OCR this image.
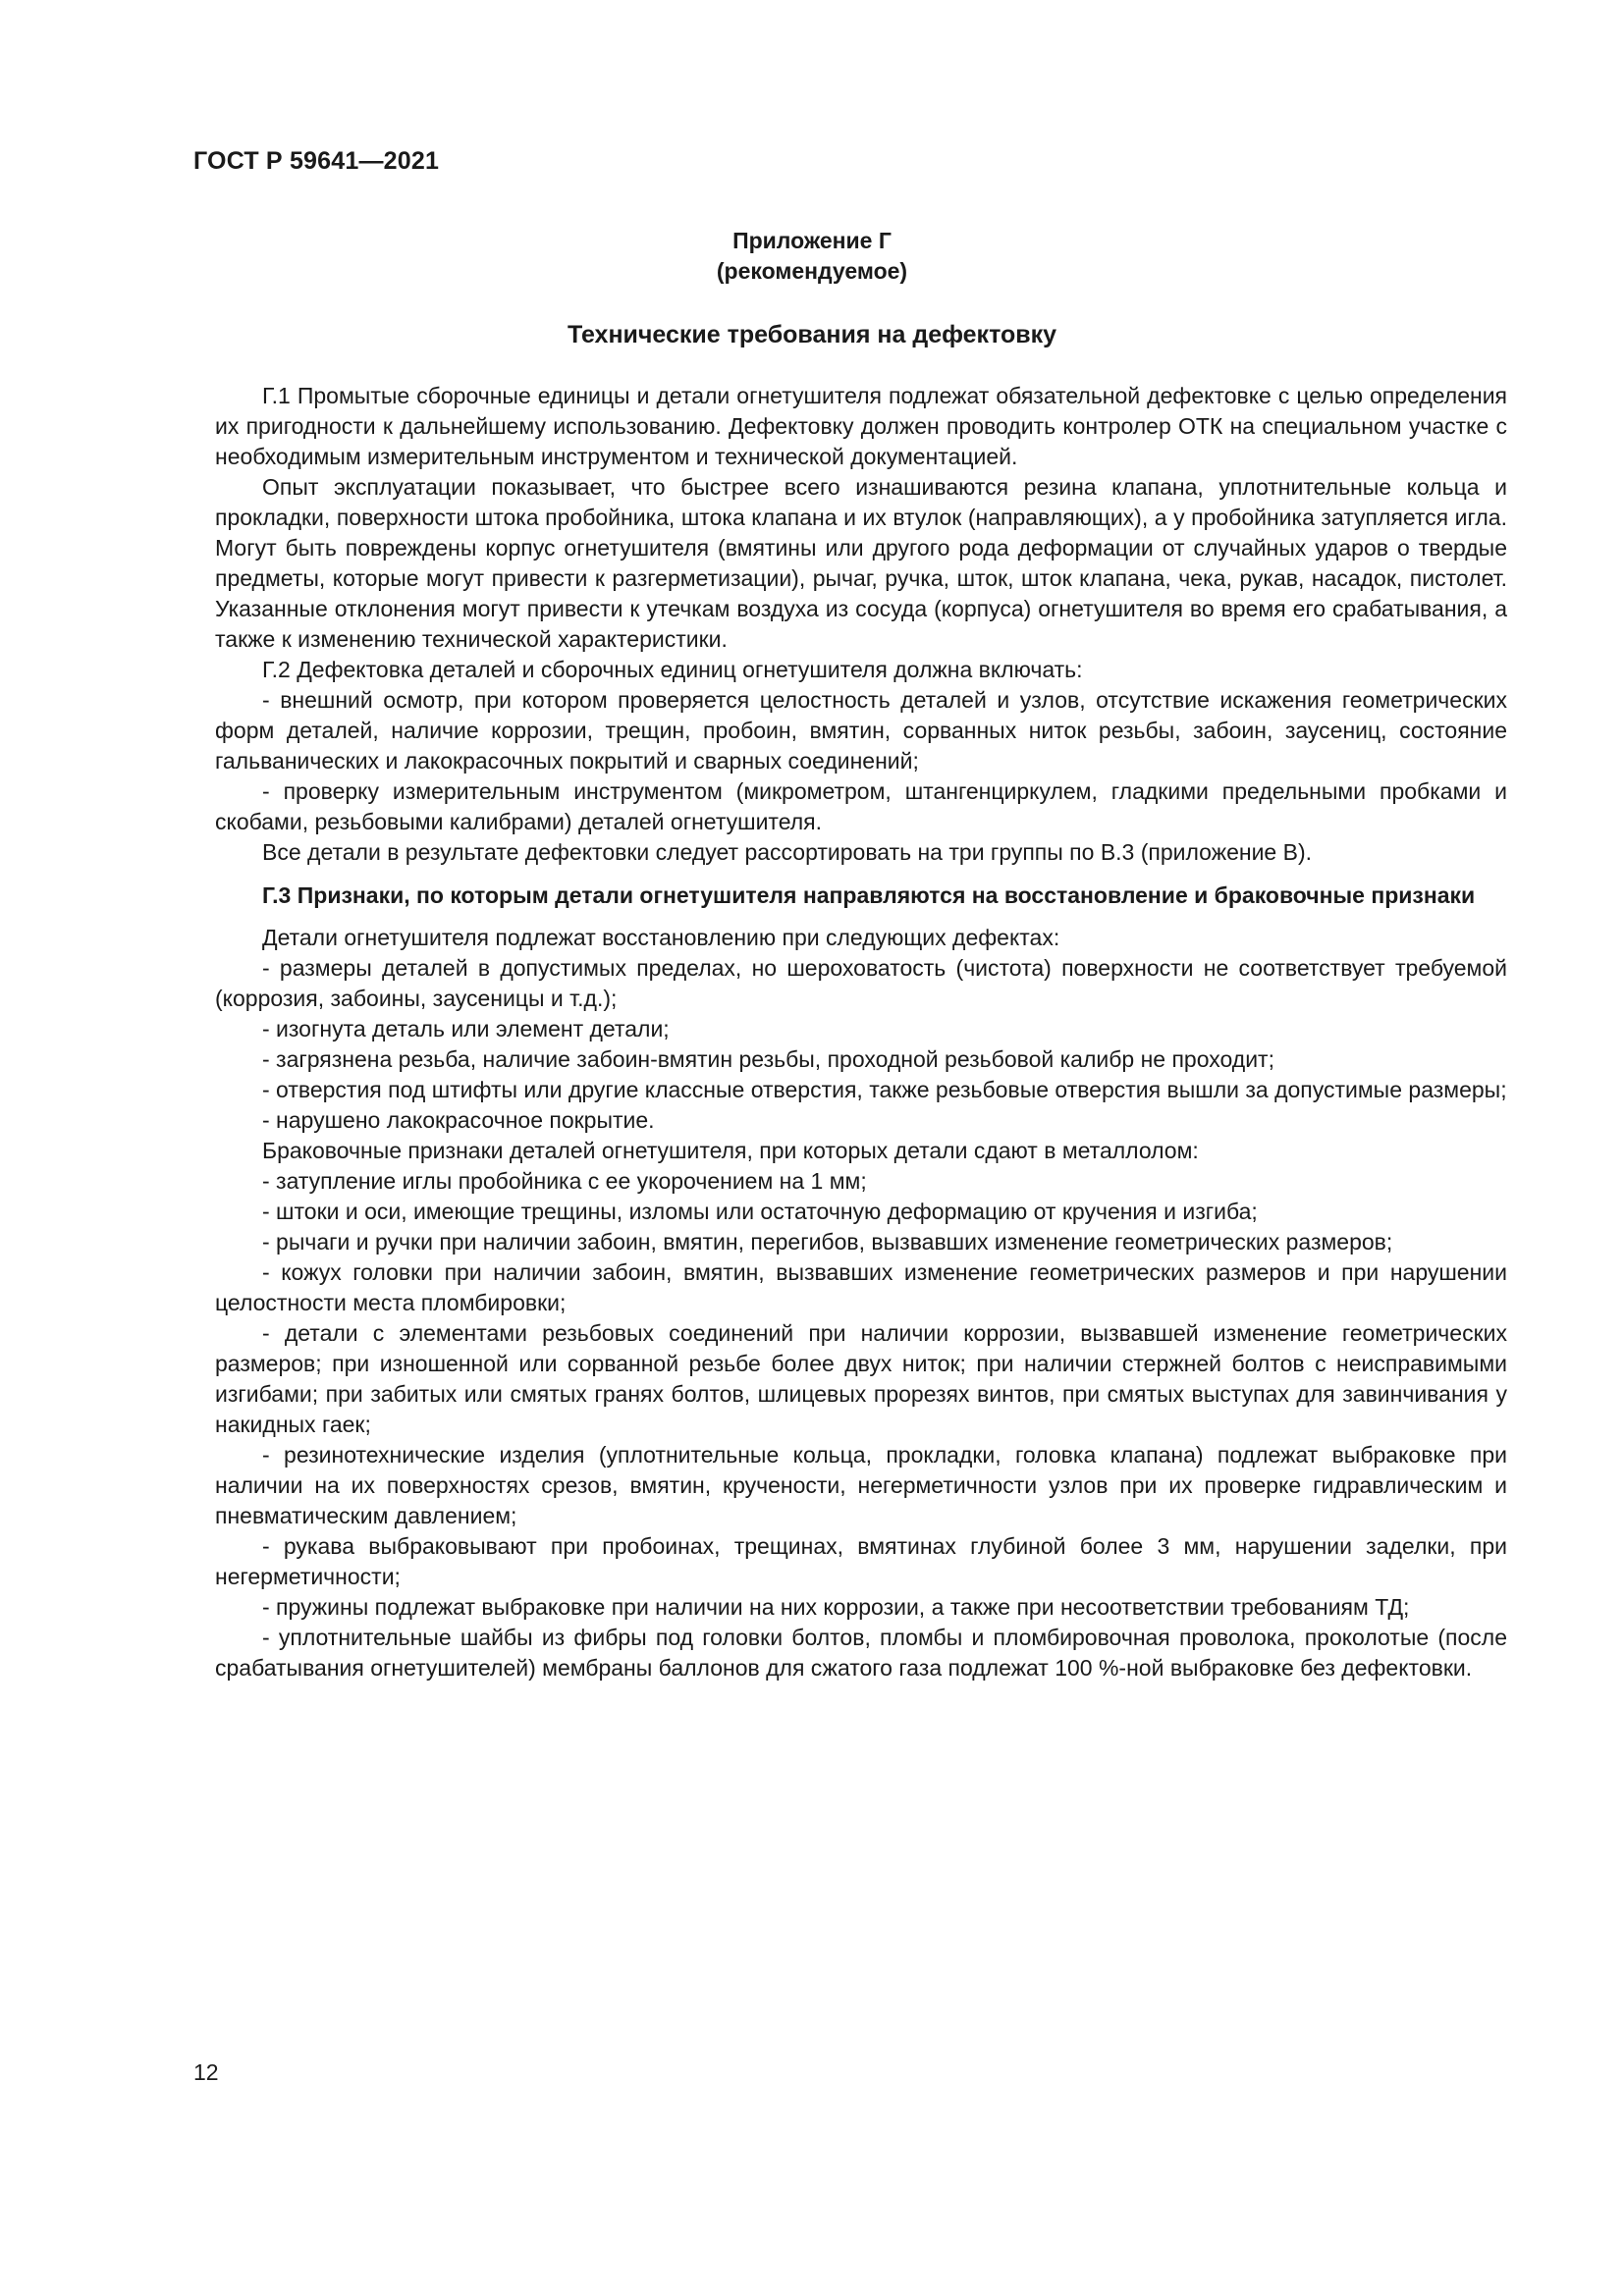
ГОСТ Р 59641—2021
Приложение Г
(рекомендуемое)
Технические требования на дефектовку

Г.1 Промытые сборочные единицы и детали огнетушителя подлежат обязательной дефектовке с целью определения их пригодности к дальнейшему использованию. Дефектовку должен проводить контролер ОТК на специальном участке с необходимым измерительным инструментом и технической документацией.

Опыт эксплуатации показывает, что быстрее всего изнашиваются резина клапана, уплотнительные кольца и прокладки, поверхности штока пробойника, штока клапана и их втулок (направляющих), а у пробойника затупляется игла. Могут быть повреждены корпус огнетушителя (вмятины или другого рода деформации от случайных ударов о твердые предметы, которые могут привести к разгерметизации), рычаг, ручка, шток, шток клапана, чека, рукав, насадок, пистолет. Указанные отклонения могут привести к утечкам воздуха из сосуда (корпуса) огнетушителя во время его срабатывания, а также к изменению технической характеристики.

Г.2 Дефектовка деталей и сборочных единиц огнетушителя должна включать:

- внешний осмотр, при котором проверяется целостность деталей и узлов, отсутствие искажения геометрических форм деталей, наличие коррозии, трещин, пробоин, вмятин, сорванных ниток резьбы, забоин, заусениц, состояние гальванических и лакокрасочных покрытий и сварных соединений;

- проверку измерительным инструментом (микрометром, штангенциркулем, гладкими предельными пробками и скобами, резьбовыми калибрами) деталей огнетушителя.

Все детали в результате дефектовки следует рассортировать на три группы по В.3 (приложение В).

Г.3 Признаки, по которым детали огнетушителя направляются на восстановление и браковочные признаки

Детали огнетушителя подлежат восстановлению при следующих дефектах:

- размеры деталей в допустимых пределах, но шероховатость (чистота) поверхности не соответствует требуемой (коррозия, забоины, заусеницы и т.д.);

- изогнута деталь или элемент детали;

- загрязнена резьба, наличие забоин-вмятин резьбы, проходной резьбовой калибр не проходит;

- отверстия под штифты или другие классные отверстия, также резьбовые отверстия вышли за допустимые размеры;

- нарушено лакокрасочное покрытие.

Браковочные признаки деталей огнетушителя, при которых детали сдают в металлолом:

- затупление иглы пробойника с ее укорочением на 1 мм;

- штоки и оси, имеющие трещины, изломы или остаточную деформацию от кручения и изгиба;

- рычаги и ручки при наличии забоин, вмятин, перегибов, вызвавших изменение геометрических размеров;

- кожух головки при наличии забоин, вмятин, вызвавших изменение геометрических размеров и при нарушении целостности места пломбировки;

- детали с элементами резьбовых соединений при наличии коррозии, вызвавшей изменение геометрических размеров; при изношенной или сорванной резьбе более двух ниток; при наличии стержней болтов с неисправимыми изгибами; при забитых или смятых гранях болтов, шлицевых прорезях винтов, при смятых выступах для завинчивания у накидных гаек;

- резинотехнические изделия (уплотнительные кольца, прокладки, головка клапана) подлежат выбраковке при наличии на их поверхностях срезов, вмятин, кручености, негерметичности узлов при их проверке гидравлическим и пневматическим давлением;

- рукава выбраковывают при пробоинах, трещинах, вмятинах глубиной более 3 мм, нарушении заделки, при негерметичности;

- пружины подлежат выбраковке при наличии на них коррозии, а также при несоответствии требованиям ТД;

- уплотнительные шайбы из фибры под головки болтов, пломбы и пломбировочная проволока, проколотые (после срабатывания огнетушителей) мембраны баллонов для сжатого газа подлежат 100 %-ной выбраковке без дефектовки.

12
